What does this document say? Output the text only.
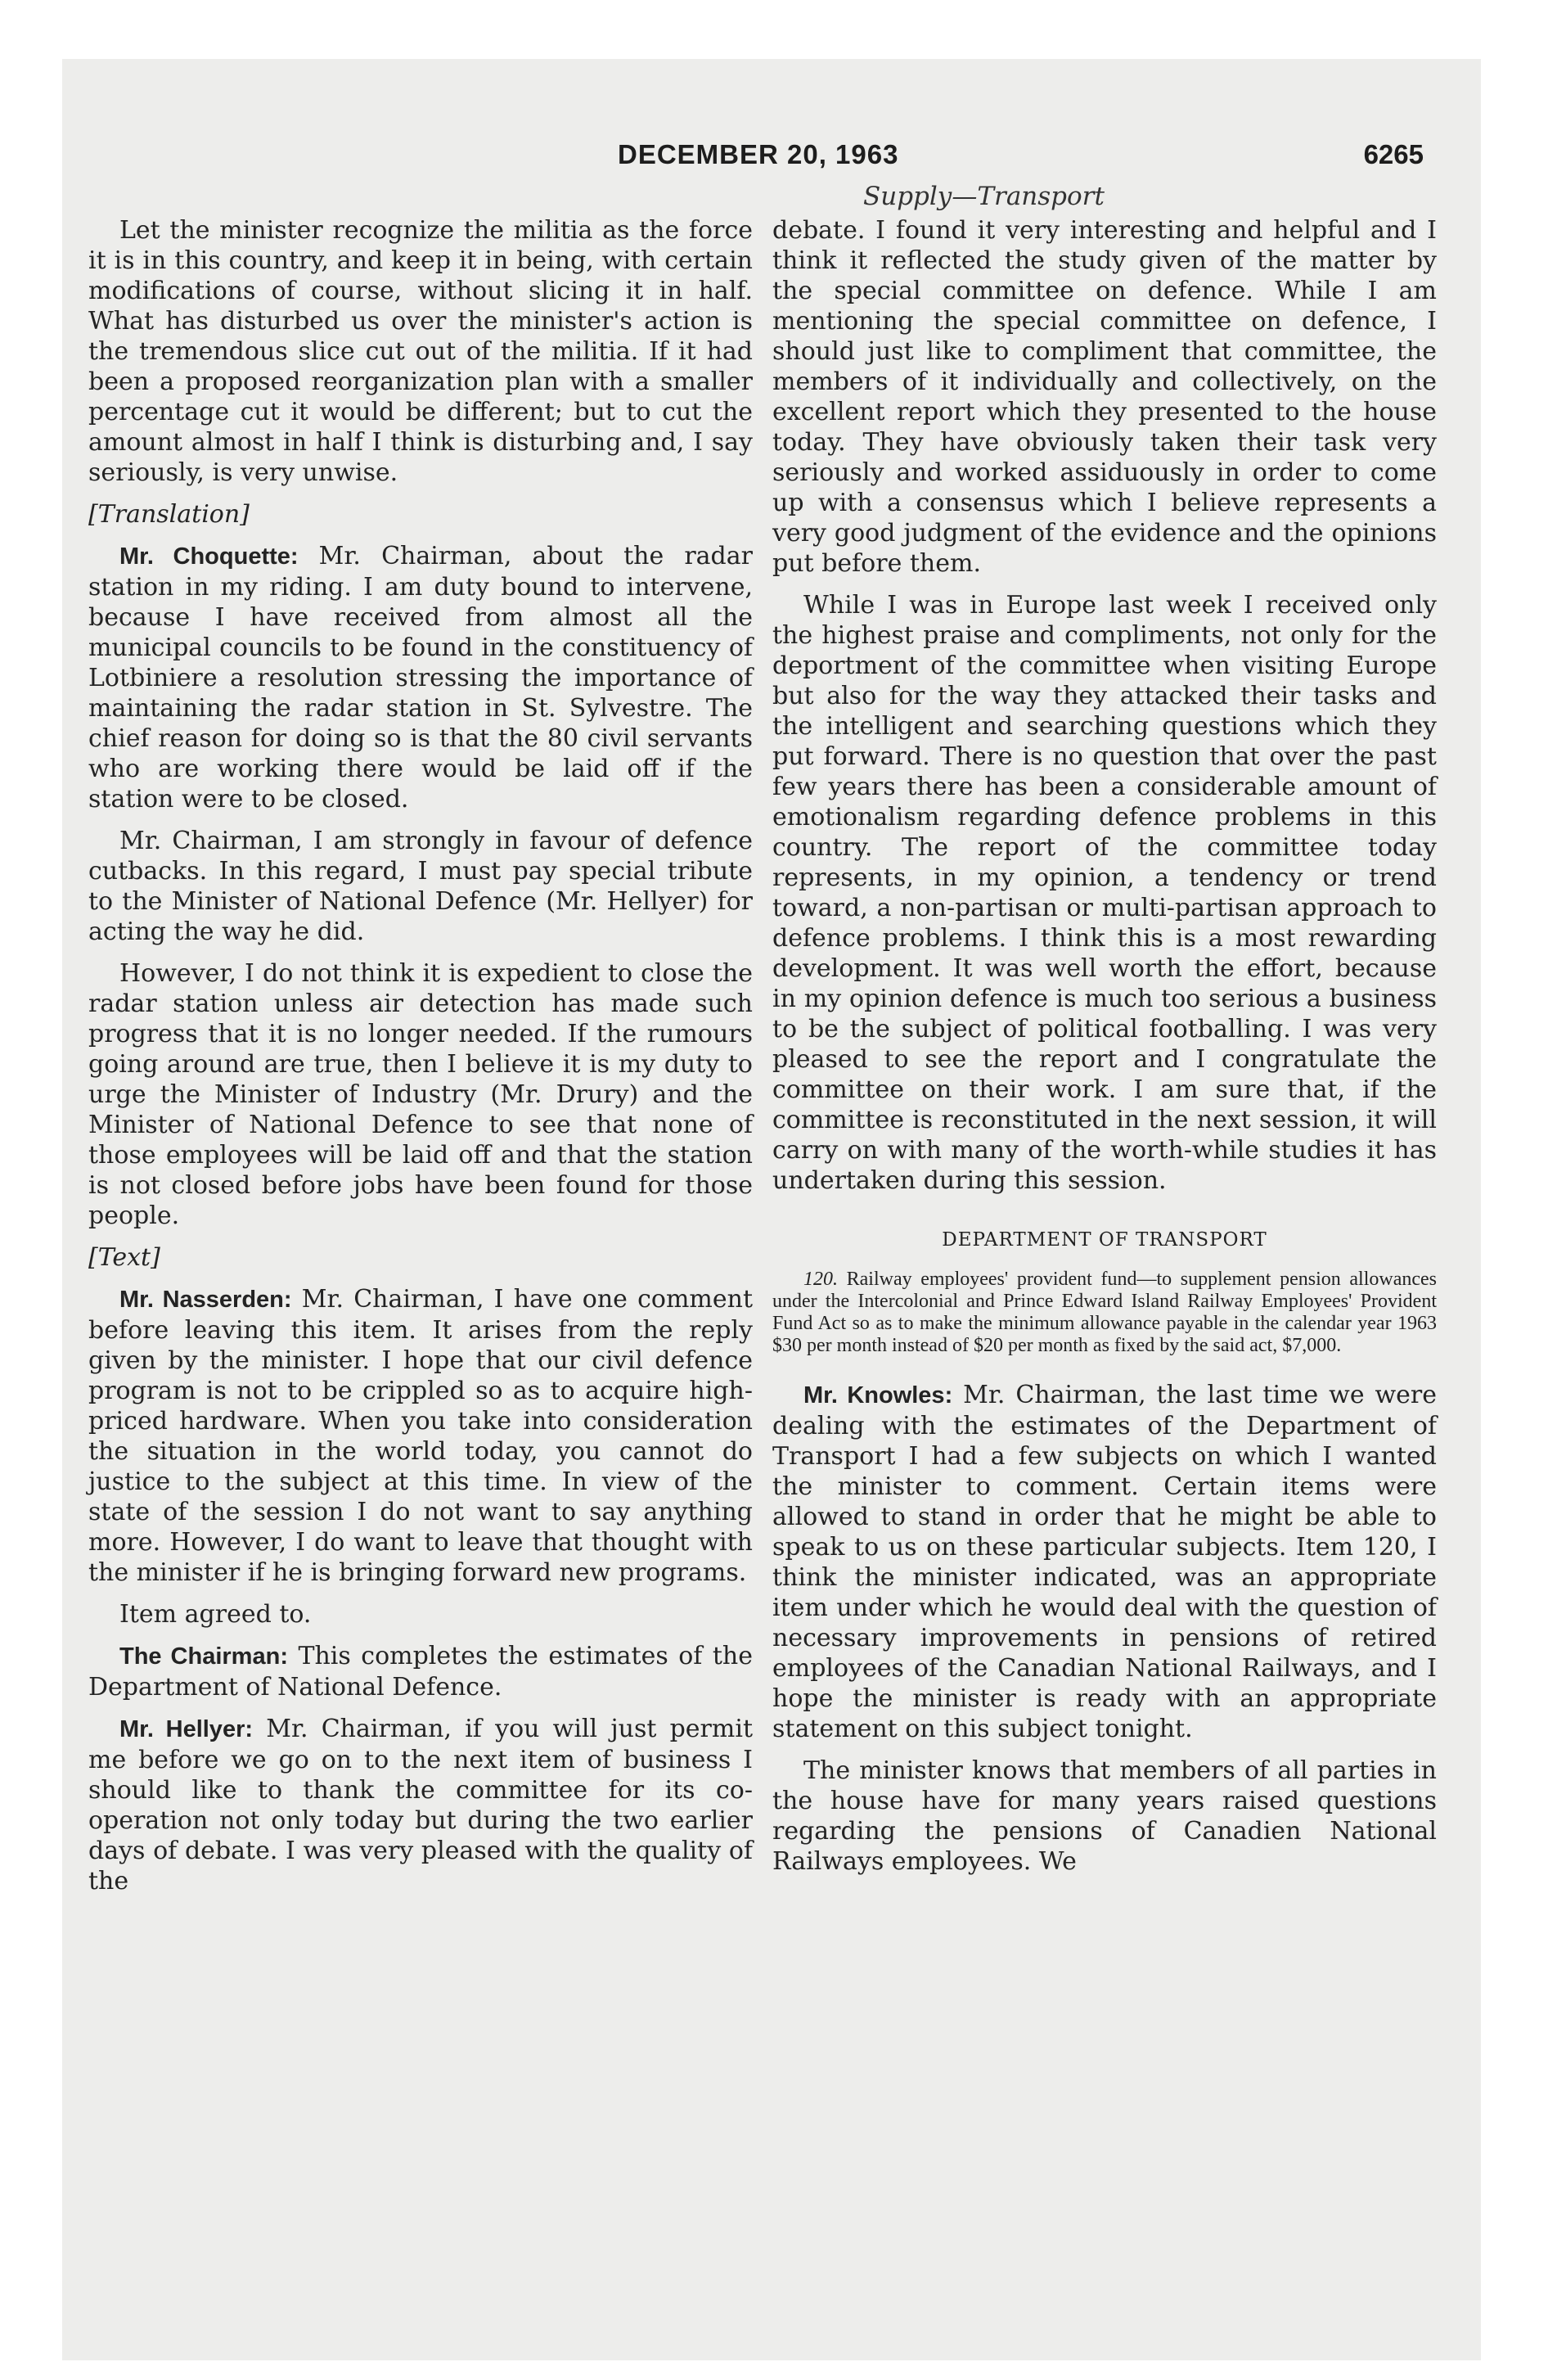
DECEMBER 20, 1963	6265
Supply—Transport

Let the minister recognize the militia as the force it is in this country, and keep it in being, with certain modifications of course, without slicing it in half. What has disturbed us over the minister's action is the tremendous slice cut out of the militia. If it had been a proposed reorganization plan with a smaller percentage cut it would be different; but to cut the amount almost in half I think is disturbing and, I say seriously, is very unwise.

[Translation]

Mr. Choquette: Mr. Chairman, about the radar station in my riding. I am duty bound to intervene, because I have received from almost all the municipal councils to be found in the constituency of Lotbiniere a resolution stressing the importance of maintaining the radar station in St. Sylvestre. The chief reason for doing so is that the 80 civil servants who are working there would be laid off if the station were to be closed.

Mr. Chairman, I am strongly in favour of defence cutbacks. In this regard, I must pay special tribute to the Minister of National Defence (Mr. Hellyer) for acting the way he did.

However, I do not think it is expedient to close the radar station unless air detection has made such progress that it is no longer needed. If the rumours going around are true, then I believe it is my duty to urge the Minister of Industry (Mr. Drury) and the Minister of National Defence to see that none of those employees will be laid off and that the station is not closed before jobs have been found for those people.

[Text]

Mr. Nasserden: Mr. Chairman, I have one comment before leaving this item. It arises from the reply given by the minister. I hope that our civil defence program is not to be crippled so as to acquire high-priced hardware. When you take into consideration the situation in the world today, you cannot do justice to the subject at this time. In view of the state of the session I do not want to say anything more. However, I do want to leave that thought with the minister if he is bringing forward new programs.

Item agreed to.

The Chairman: This completes the estimates of the Department of National Defence.

Mr. Hellyer: Mr. Chairman, if you will just permit me before we go on to the next item of business I should like to thank the committee for its co-operation not only today but during the two earlier days of debate. I was very pleased with the quality of the

debate. I found it very interesting and helpful and I think it reflected the study given of the matter by the special committee on defence. While I am mentioning the special committee on defence, I should just like to compliment that committee, the members of it individually and collectively, on the excellent report which they presented to the house today. They have obviously taken their task very seriously and worked assiduously in order to come up with a consensus which I believe represents a very good judgment of the evidence and the opinions put before them.

While I was in Europe last week I received only the highest praise and compliments, not only for the deportment of the committee when visiting Europe but also for the way they attacked their tasks and the intelligent and searching questions which they put forward. There is no question that over the past few years there has been a considerable amount of emotionalism regarding defence problems in this country. The report of the committee today represents, in my opinion, a tendency or trend toward, a non-partisan or multi-partisan approach to defence problems. I think this is a most rewarding development. It was well worth the effort, because in my opinion defence is much too serious a business to be the subject of political footballing. I was very pleased to see the report and I congratulate the committee on their work. I am sure that, if the committee is reconstituted in the next session, it will carry on with many of the worth-while studies it has undertaken during this session.

DEPARTMENT OF TRANSPORT
120. Railway employees' provident fund—to supplement pension allowances under the Intercolonial and Prince Edward Island Railway Employees' Provident Fund Act so as to make the minimum allowance payable in the calendar year 1963 $30 per month instead of $20 per month as fixed by the said act, $7,000.

Mr. Knowles: Mr. Chairman, the last time we were dealing with the estimates of the Department of Transport I had a few subjects on which I wanted the minister to comment. Certain items were allowed to stand in order that he might be able to speak to us on these particular subjects. Item 120, I think the minister indicated, was an appropriate item under which he would deal with the question of necessary improvements in pensions of retired employees of the Canadian National Railways, and I hope the minister is ready with an appropriate statement on this subject tonight.

The minister knows that members of all parties in the house have for many years raised questions regarding the pensions of Canadien National Railways employees. We
